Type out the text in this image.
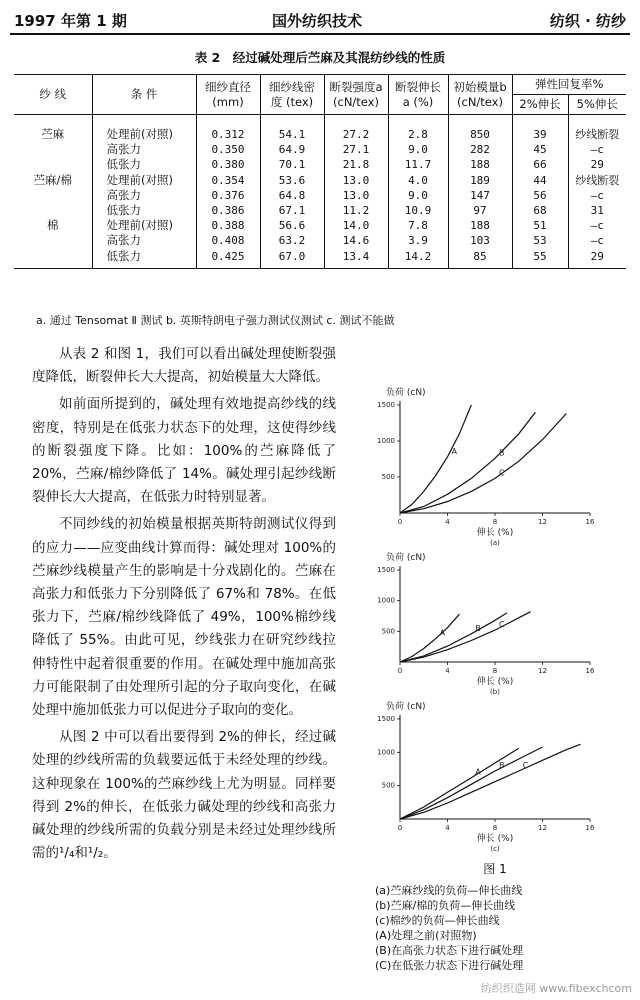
1997 年第 1 期	国外纺织技术	纺织 · 纺纱
表 2　经过碱处理后苎麻及其混纺纱线的性质
纱 线	条 件	细纱直径 (mm)	细纱线密度 (tex)	断裂强度a (cN/tex)	断裂伸长a (%)	初始模量b (cN/tex)	弹性回复率%	
							2%伸长	5%伸长
苎麻	处理前(对照)	0.312	54.1	27.2	2.8	850	39	纱线断裂
	高张力	0.350	64.9	27.1	9.0	282	45	—c
	低张力	0.380	70.1	21.8	11.7	188	66	29
苎麻/棉	处理前(对照)	0.354	53.6	13.0	4.0	189	44	纱线断裂
	高张力	0.376	64.8	13.0	9.0	147	56	—c
	低张力	0.386	67.1	11.2	10.9	97	68	31
棉	处理前(对照)	0.388	56.6	14.0	7.8	188	51	—c
	高张力	0.408	63.2	14.6	3.9	103	53	—c
	低张力	0.425	67.0	13.4	14.2	85	55	29
a. 通过 Tensomat Ⅱ 测试 b. 英斯特朗电子强力测试仪测试 c. 测试不能做

从表 2 和图 1，我们可以看出碱处理使断裂强度降低，断裂伸长大大提高，初始模量大大降低。

如前面所提到的，碱处理有效地提高纱线的线密度，特别是在低张力状态下的处理，这使得纱线的断裂强度下降。比如：100%的苎麻降低了 20%，苎麻/棉纱降低了 14%。碱处理引起纱线断裂伸长大大提高，在低张力时特别显著。

不同纱线的初始模量根据英斯特朗测试仪得到的应力——应变曲线计算而得：碱处理对 100%的苎麻纱线模量产生的影响是十分戏剧化的。苎麻在高张力和低张力下分别降低了 67%和 78%。在低张力下，苎麻/棉纱线降低了 49%，100%棉纱线降低了 55%。由此可见，纱线张力在研究纱线拉伸特性中起着很重要的作用。在碱处理中施加高张力可能限制了由处理所引起的分子取向变化，在碱处理中施加低张力可以促进分子取向的变化。

从图 2 中可以看出要得到 2%的伸长，经过碱处理的纱线所需的负载要远低于未经处理的纱线。这种现象在 100%的苎麻纱线上尤为明显。同样要得到 2%的伸长，在低张力碱处理的纱线和高张力碱处理的纱线所需的负载分别是未经过处理纱线所需的¹/₄和¹/₂。

负荷 (cN)
0	4	8	12	16
500
1000
1500
伸长 (%)
(a)
A	B
C
负荷 (cN)
0	4	8	12	16
500
1000
1500
伸长 (%)
(b)
A
B C
负荷 (cN)
0	4	8	12	16
500
1000
1500
伸长 (%)
(c)
A
B C
图 1
(a)苎麻纱线的负荷—伸长曲线
(b)苎麻/棉的负荷—伸长曲线
(c)棉纱的负荷—伸长曲线
(A)处理之前(对照物)
(B)在高张力状态下进行碱处理
(C)在低张力状态下进行碱处理
纺织织造网 www.fibexchcom
